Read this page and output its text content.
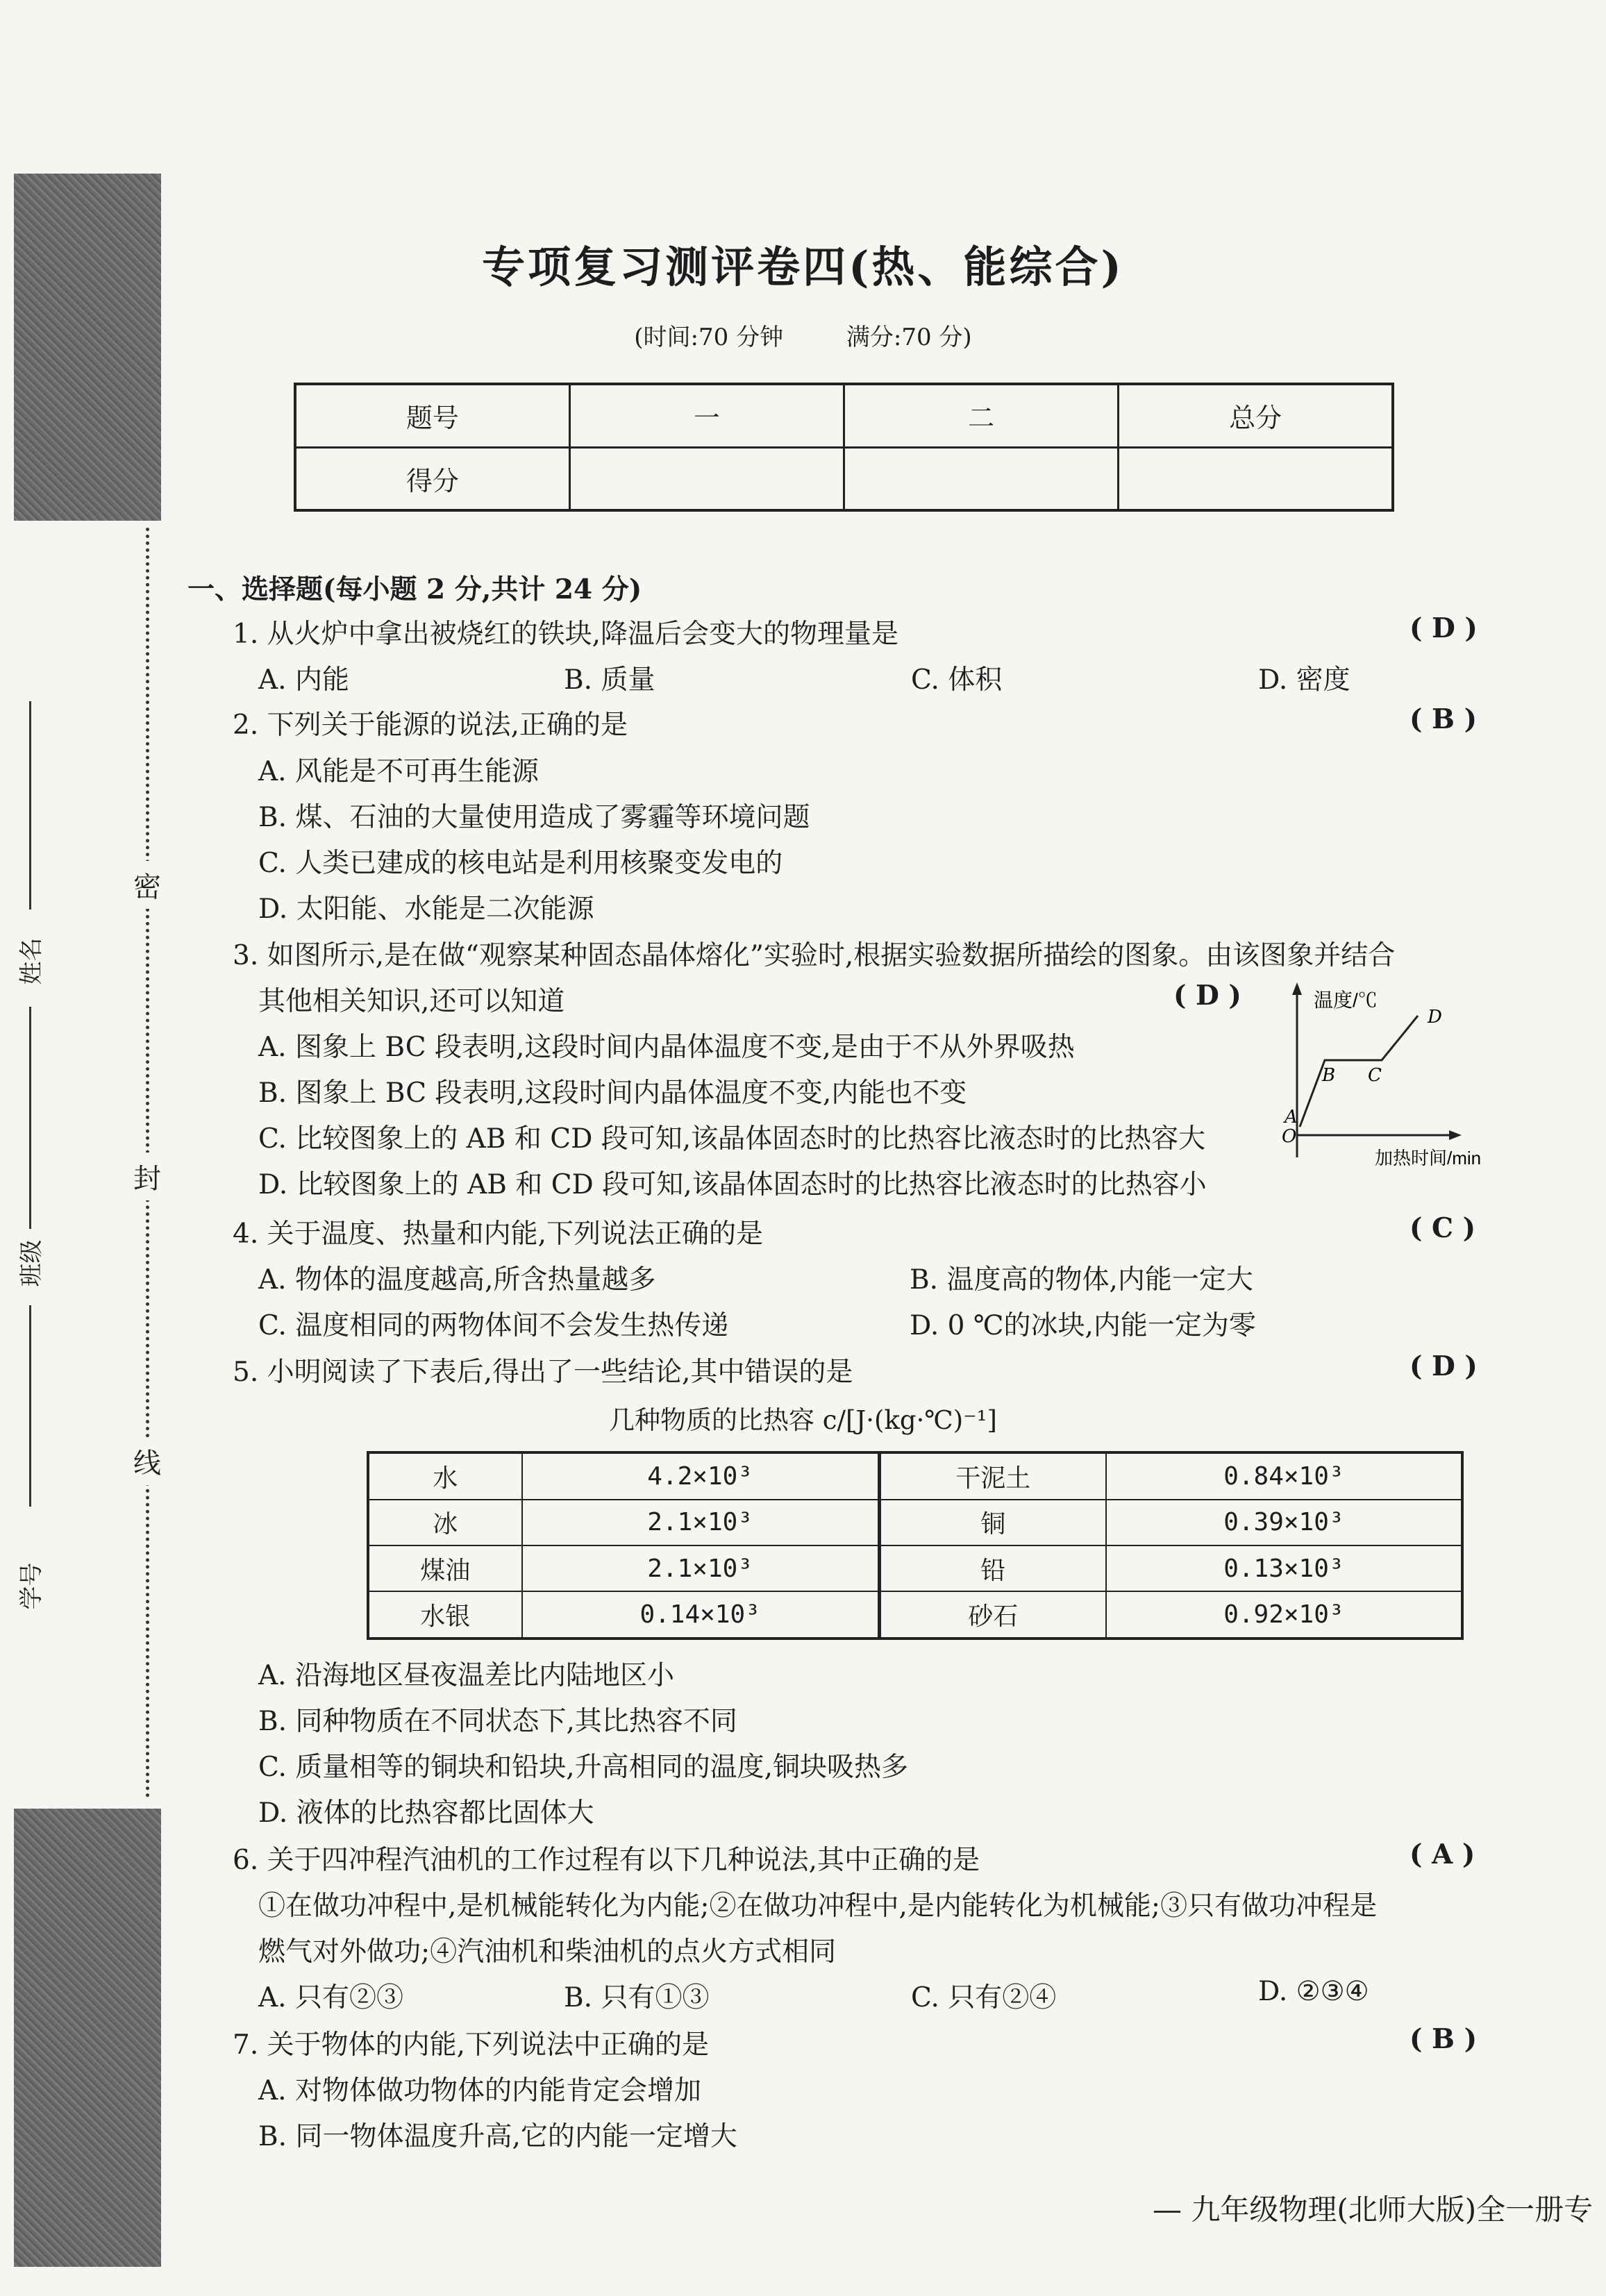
密
封
线
姓名
班级
学号
专项复习测评卷四(热、能综合)
(时间:70 分钟	满分:70 分)
题号	一	二	总分
得分			
一、选择题(每小题 2 分,共计 24 分)
1. 从火炉中拿出被烧红的铁块,降温后会变大的物理量是	( D )
A. 内能	B. 质量	C. 体积	D. 密度
2. 下列关于能源的说法,正确的是	( B )
A. 风能是不可再生能源
B. 煤、石油的大量使用造成了雾霾等环境问题
C. 人类已建成的核电站是利用核聚变发电的
D. 太阳能、水能是二次能源
3. 如图所示,是在做“观察某种固态晶体熔化”实验时,根据实验数据所描绘的图象。由该图象并结合
其他相关知识,还可以知道	( D )
A. 图象上 BC 段表明,这段时间内晶体温度不变,是由于不从外界吸热
B. 图象上 BC 段表明,这段时间内晶体温度不变,内能也不变
C. 比较图象上的 AB 和 CD 段可知,该晶体固态时的比热容比液态时的比热容大
D. 比较图象上的 AB 和 CD 段可知,该晶体固态时的比热容比液态时的比热容小
温度/℃
加热时间/min
A
B C
D
O
4. 关于温度、热量和内能,下列说法正确的是	( C )
A. 物体的温度越高,所含热量越多	B. 温度高的物体,内能一定大
C. 温度相同的两物体间不会发生热传递	D. 0 ℃的冰块,内能一定为零
5. 小明阅读了下表后,得出了一些结论,其中错误的是	( D )
几种物质的比热容 c/[J·(kg·℃)⁻¹]
水	4.2×10³	干泥土	0.84×10³
冰	2.1×10³	铜	0.39×10³
煤油	2.1×10³	铅	0.13×10³
水银	0.14×10³	砂石	0.92×10³
A. 沿海地区昼夜温差比内陆地区小
B. 同种物质在不同状态下,其比热容不同
C. 质量相等的铜块和铅块,升高相同的温度,铜块吸热多
D. 液体的比热容都比固体大
6. 关于四冲程汽油机的工作过程有以下几种说法,其中正确的是	( A )
①在做功冲程中,是机械能转化为内能;②在做功冲程中,是内能转化为机械能;③只有做功冲程是
燃气对外做功;④汽油机和柴油机的点火方式相同
A. 只有②③	B. 只有①③	C. 只有②④	D. ②③④
7. 关于物体的内能,下列说法中正确的是	( B )
A. 对物体做功物体的内能肯定会增加
B. 同一物体温度升高,它的内能一定增大
— 九年级物理(北师大版)全一册专
